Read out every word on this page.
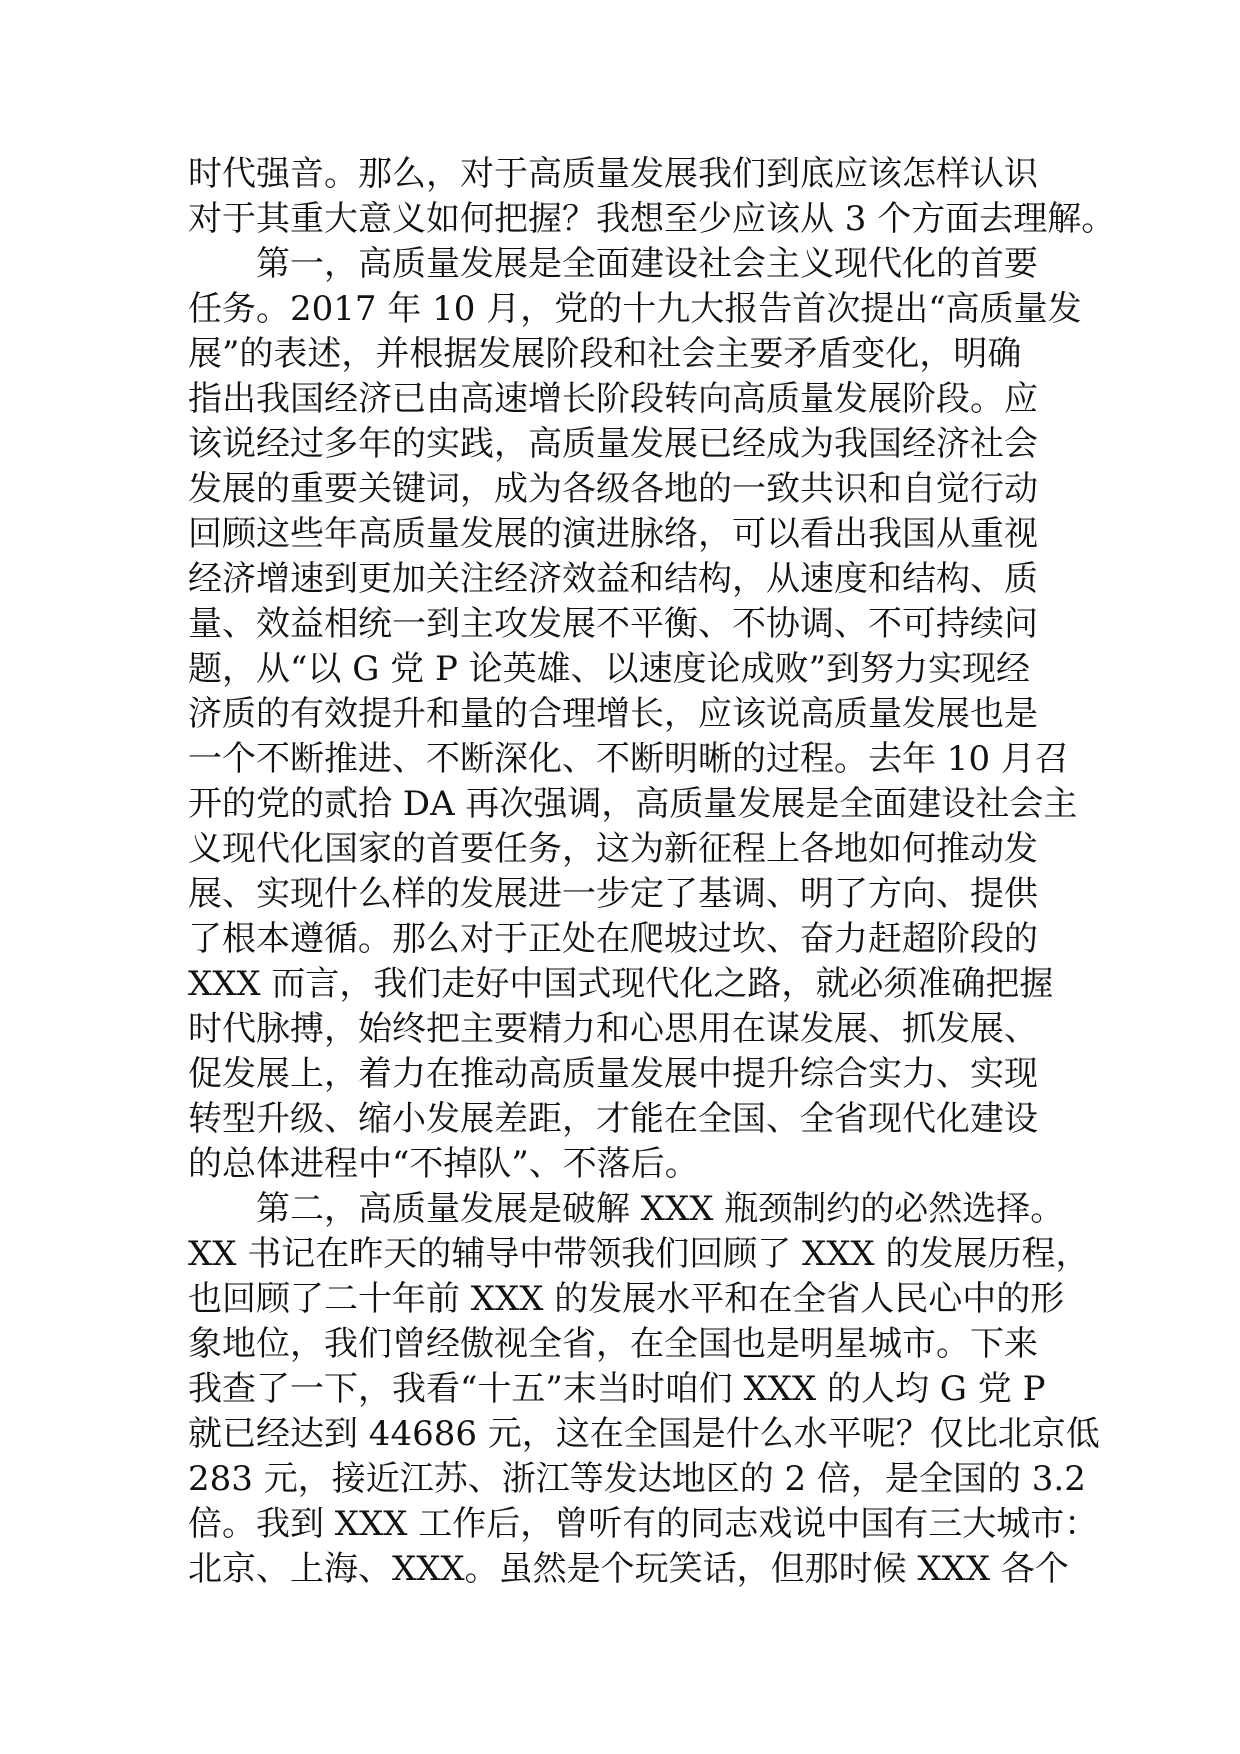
时代强音。那么，对于高质量发展我们到底应该怎样认识
对于其重大意义如何把握？我想至少应该从 3 个方面去理解。
第一，高质量发展是全面建设社会主义现代化的首要
任务。2017 年 10 月，党的十九大报告首次提出“高质量发
展”的表述，并根据发展阶段和社会主要矛盾变化，明确
指出我国经济已由高速增长阶段转向高质量发展阶段。应
该说经过多年的实践，高质量发展已经成为我国经济社会
发展的重要关键词，成为各级各地的一致共识和自觉行动
回顾这些年高质量发展的演进脉络，可以看出我国从重视
经济增速到更加关注经济效益和结构，从速度和结构、质
量、效益相统一到主攻发展不平衡、不协调、不可持续问
题，从“以 G 党 P 论英雄、以速度论成败”到努力实现经
济质的有效提升和量的合理增长，应该说高质量发展也是
一个不断推进、不断深化、不断明晰的过程。去年 10 月召
开的党的贰拾 DA 再次强调，高质量发展是全面建设社会主
义现代化国家的首要任务，这为新征程上各地如何推动发
展、实现什么样的发展进一步定了基调、明了方向、提供
了根本遵循。那么对于正处在爬坡过坎、奋力赶超阶段的
XXX 而言，我们走好中国式现代化之路，就必须准确把握
时代脉搏，始终把主要精力和心思用在谋发展、抓发展、
促发展上，着力在推动高质量发展中提升综合实力、实现
转型升级、缩小发展差距，才能在全国、全省现代化建设
的总体进程中“不掉队”、不落后。
第二，高质量发展是破解 XXX 瓶颈制约的必然选择。
XX 书记在昨天的辅导中带领我们回顾了 XXX 的发展历程，
也回顾了二十年前 XXX 的发展水平和在全省人民心中的形
象地位，我们曾经傲视全省，在全国也是明星城市。下来
我查了一下，我看“十五”末当时咱们 XXX 的人均 G 党 P
就已经达到 44686 元，这在全国是什么水平呢？仅比北京低
283 元，接近江苏、浙江等发达地区的 2 倍，是全国的 3.2
倍。我到 XXX 工作后，曾听有的同志戏说中国有三大城市：
北京、上海、XXX。虽然是个玩笑话，但那时候 XXX 各个
